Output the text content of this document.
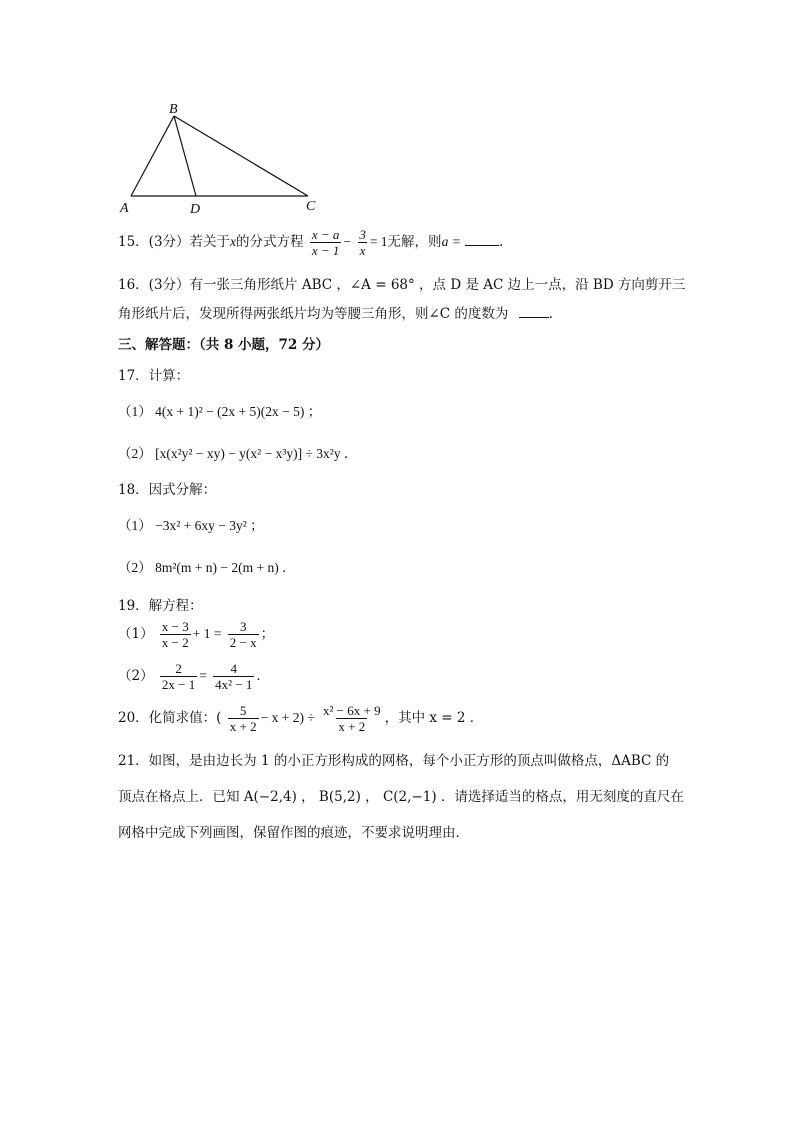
B
A	D	C
15．(3分）若关于x的分式方程 $\frac{x - a}{x - 1} - \frac{3}{x} = 1$无解，则a =	．
16．(3分）有一张三角形纸片 ABC ，∠A = 68° ，点 D 是 AC 边上一点，沿 BD 方向剪开三
角形纸片后，发现所得两张纸片均为等腰三角形，则∠C 的度数为	．
三、解答题：（共 8 小题，72 分）
17．计算：
（1） 4(x + 1)² − (2x + 5)(2x − 5) ；
（2） [x(x²y² − xy) − y(x² − x³y)] ÷ 3x²y ．
18．因式分解：
（1） −3x² + 6xy − 3y² ；
（2） 8m²(m + n) − 2(m + n) ．
19．解方程：
$(1) \frac{x - 3}{x - 2} + 1 = \frac{3}{2 - x}$ ；
$(2) \frac{2}{2x - 1} = \frac{4}{\text{4x² − 1}}$ ．
20．化简求值：( $\frac{5}{x + 2} - x + 2) \div \frac{\text{x² − 6x + 9}}{x + 2}$ ，其中 x = 2 ．
21．如图，是由边长为 1 的小正方形构成的网格，每个小正方形的顶点叫做格点，ΔABC 的
顶点在格点上．已知 A(−2,4) ， B(5,2) ， C(2,−1) ．请选择适当的格点，用无刻度的直尺在
网格中完成下列画图，保留作图的痕迹，不要求说明理由．
